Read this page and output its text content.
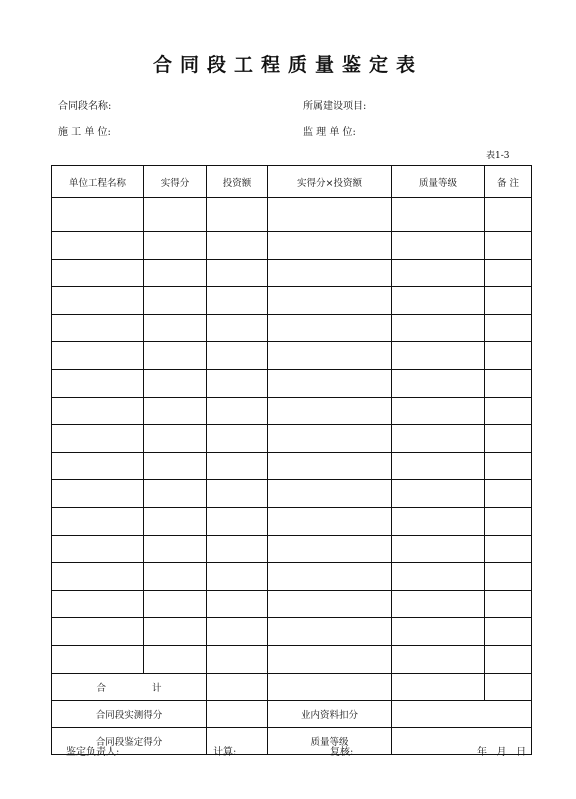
合同段工程质量鉴定表
合同段名称:	所属建设项目:
施 工 单 位:	监 理 单 位:
表1-3
单位工程名称	实得分	投资额	实得分×投资额	质量等级	备 注

合 计					
合同段实测得分			业内资料扣分		
合同段鉴定得分			质量等级		
鉴定负责人:	计算:	复核:	年   月   日
